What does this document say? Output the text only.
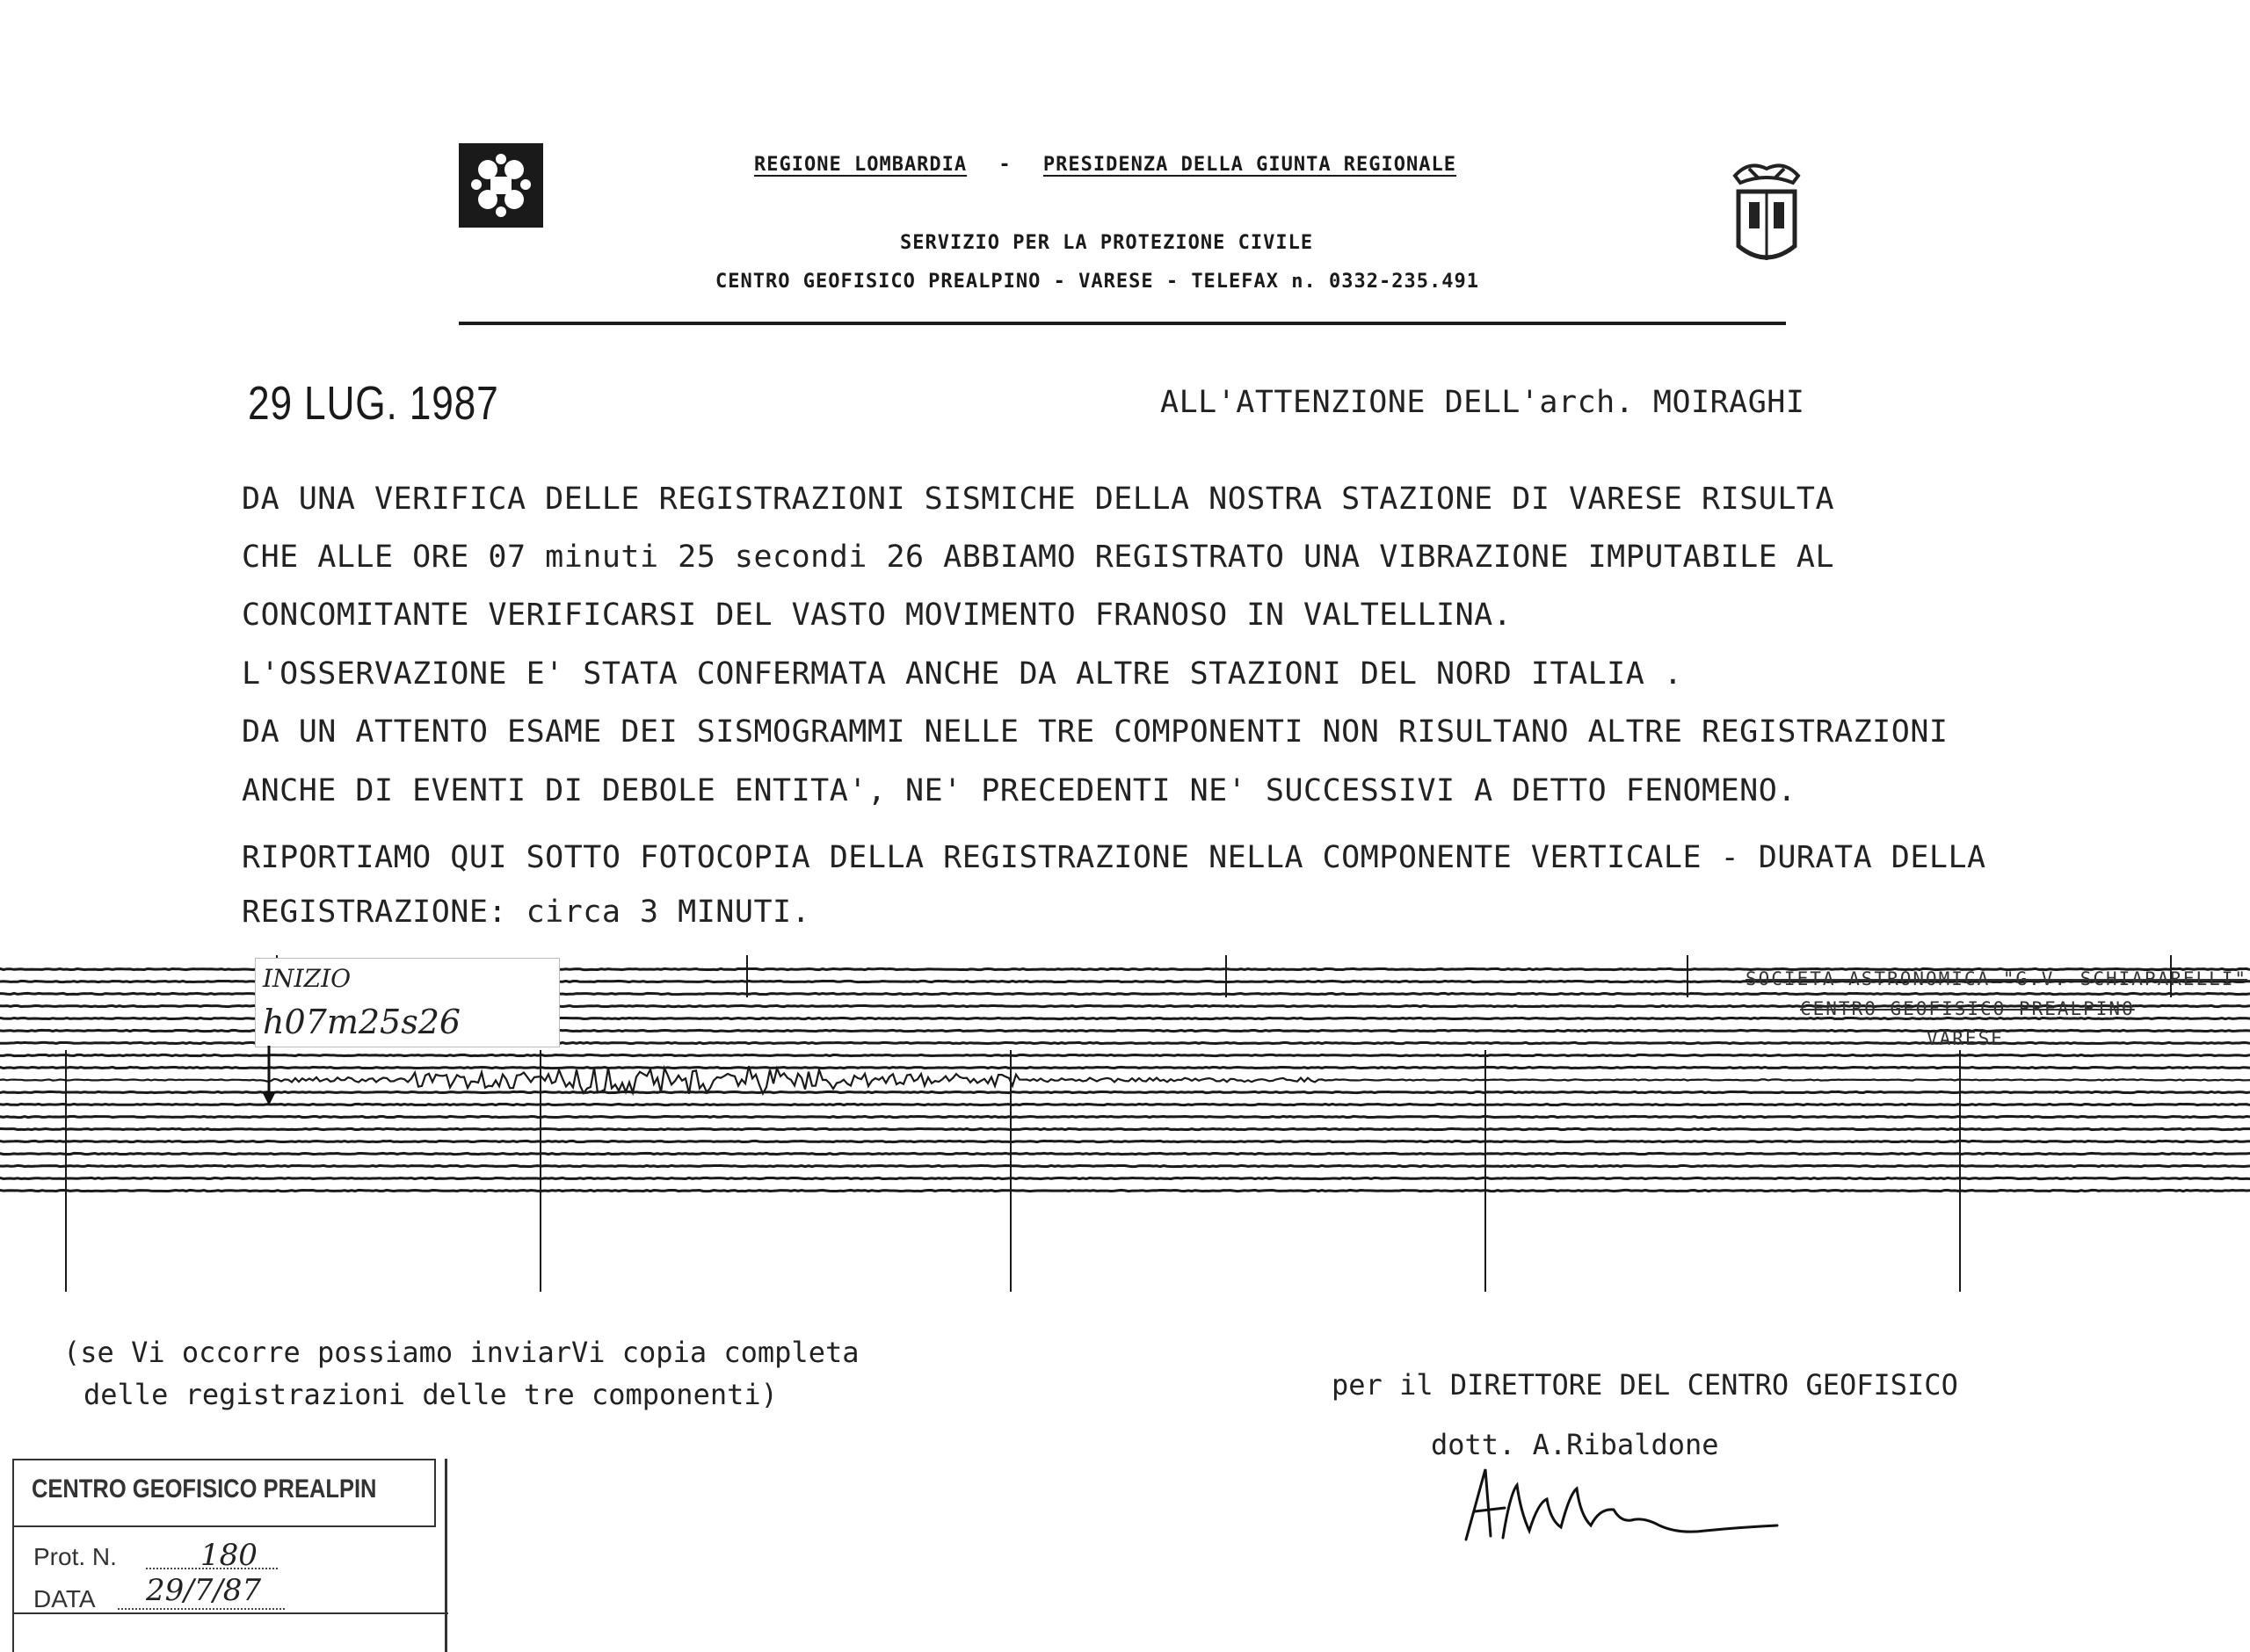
REGIONE LOMBARDIA - PRESIDENZA DELLA GIUNTA REGIONALE
SERVIZIO PER LA PROTEZIONE CIVILE
CENTRO GEOFISICO PREALPINO - VARESE - TELEFAX n. 0332-235.491
29 LUG. 1987	ALL'ATTENZIONE DELL'arch. MOIRAGHI
DA UNA VERIFICA DELLE REGISTRAZIONI SISMICHE DELLA NOSTRA STAZIONE DI VARESE RISULTA
CHE ALLE ORE 07 minuti 25 secondi 26 ABBIAMO REGISTRATO UNA VIBRAZIONE IMPUTABILE AL
CONCOMITANTE VERIFICARSI DEL VASTO MOVIMENTO FRANOSO IN VALTELLINA.
L'OSSERVAZIONE E' STATA CONFERMATA ANCHE DA ALTRE STAZIONI DEL NORD ITALIA .
DA UN ATTENTO ESAME DEI SISMOGRAMMI NELLE TRE COMPONENTI NON RISULTANO ALTRE REGISTRAZIONI
ANCHE DI EVENTI DI DEBOLE ENTITA', NE' PRECEDENTI NE' SUCCESSIVI A DETTO FENOMENO.
RIPORTIAMO QUI SOTTO FOTOCOPIA DELLA REGISTRAZIONE NELLA COMPONENTE VERTICALE - DURATA DELLA
REGISTRAZIONE: circa 3 MINUTI.
INIZIO
h07m25s26
SOCIETÀ ASTRONOMICA "G.V. SCHIAPARELLI"
CENTRO GEOFISICO PREALPINO
VARESE
(se Vi occorre possiamo inviarVi copia completa
delle registrazioni delle tre componenti)	per il DIRETTORE DEL CENTRO GEOFISICO
dott. A.Ribaldone
CENTRO GEOFISICO PREALPIN
Prot. N.	180
DATA 29/7/87
